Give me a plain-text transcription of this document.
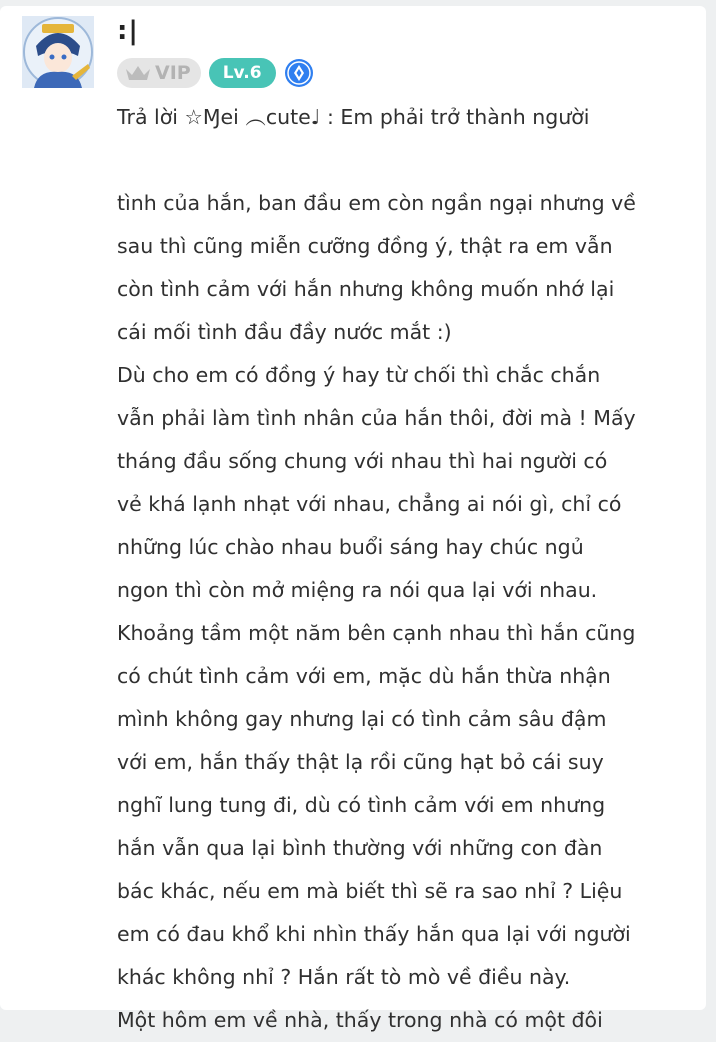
:|
VIP	Lv.6
Trả lời ☆Ɱei ︵cute♩ : Em phải trở thành người
tình của hắn, ban đầu em còn ngần ngại nhưng về
sau thì cũng miễn cưỡng đồng ý, thật ra em vẫn
còn tình cảm với hắn nhưng không muốn nhớ lại
cái mối tình đầu đầy nước mắt :)
Dù cho em có đồng ý hay từ chối thì chắc chắn
vẫn phải làm tình nhân của hắn thôi, đời mà ! Mấy
tháng đầu sống chung với nhau thì hai người có
vẻ khá lạnh nhạt với nhau, chẳng ai nói gì, chỉ có
những lúc chào nhau buổi sáng hay chúc ngủ
ngon thì còn mở miệng ra nói qua lại với nhau.
Khoảng tầm một năm bên cạnh nhau thì hắn cũng
có chút tình cảm với em, mặc dù hắn thừa nhận
mình không gay nhưng lại có tình cảm sâu đậm
với em, hắn thấy thật lạ rồi cũng hạt bỏ cái suy
nghĩ lung tung đi, dù có tình cảm với em nhưng
hắn vẫn qua lại bình thường với những con đàn
bác khác, nếu em mà biết thì sẽ ra sao nhỉ ? Liệu
em có đau khổ khi nhìn thấy hắn qua lại với người
khác không nhỉ ? Hắn rất tò mò về điều này.
Một hôm em về nhà, thấy trong nhà có một đôi
